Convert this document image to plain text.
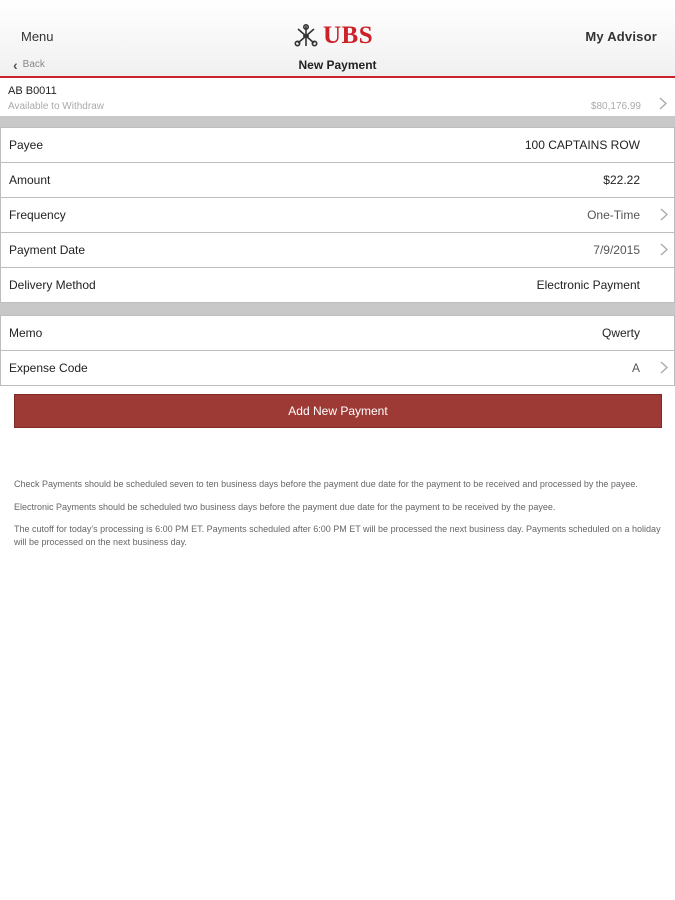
Menu	UBS	My Advisor
‹ Back	New Payment
AB B0011
Available to Withdraw	$80,176.99
Payee	100 CAPTAINS ROW
Amount	$22.22
Frequency	One-Time
Payment Date	7/9/2015
Delivery Method	Electronic Payment
Memo	Qwerty
Expense Code	A
Add New Payment

Check Payments should be scheduled seven to ten business days before the payment due date for the payment to be received and processed by the payee.

Electronic Payments should be scheduled two business days before the payment due date for the payment to be received by the payee.

The cutoff for today's processing is 6:00 PM ET. Payments scheduled after 6:00 PM ET will be processed the next business day. Payments scheduled on a holiday will be processed on the next business day.
